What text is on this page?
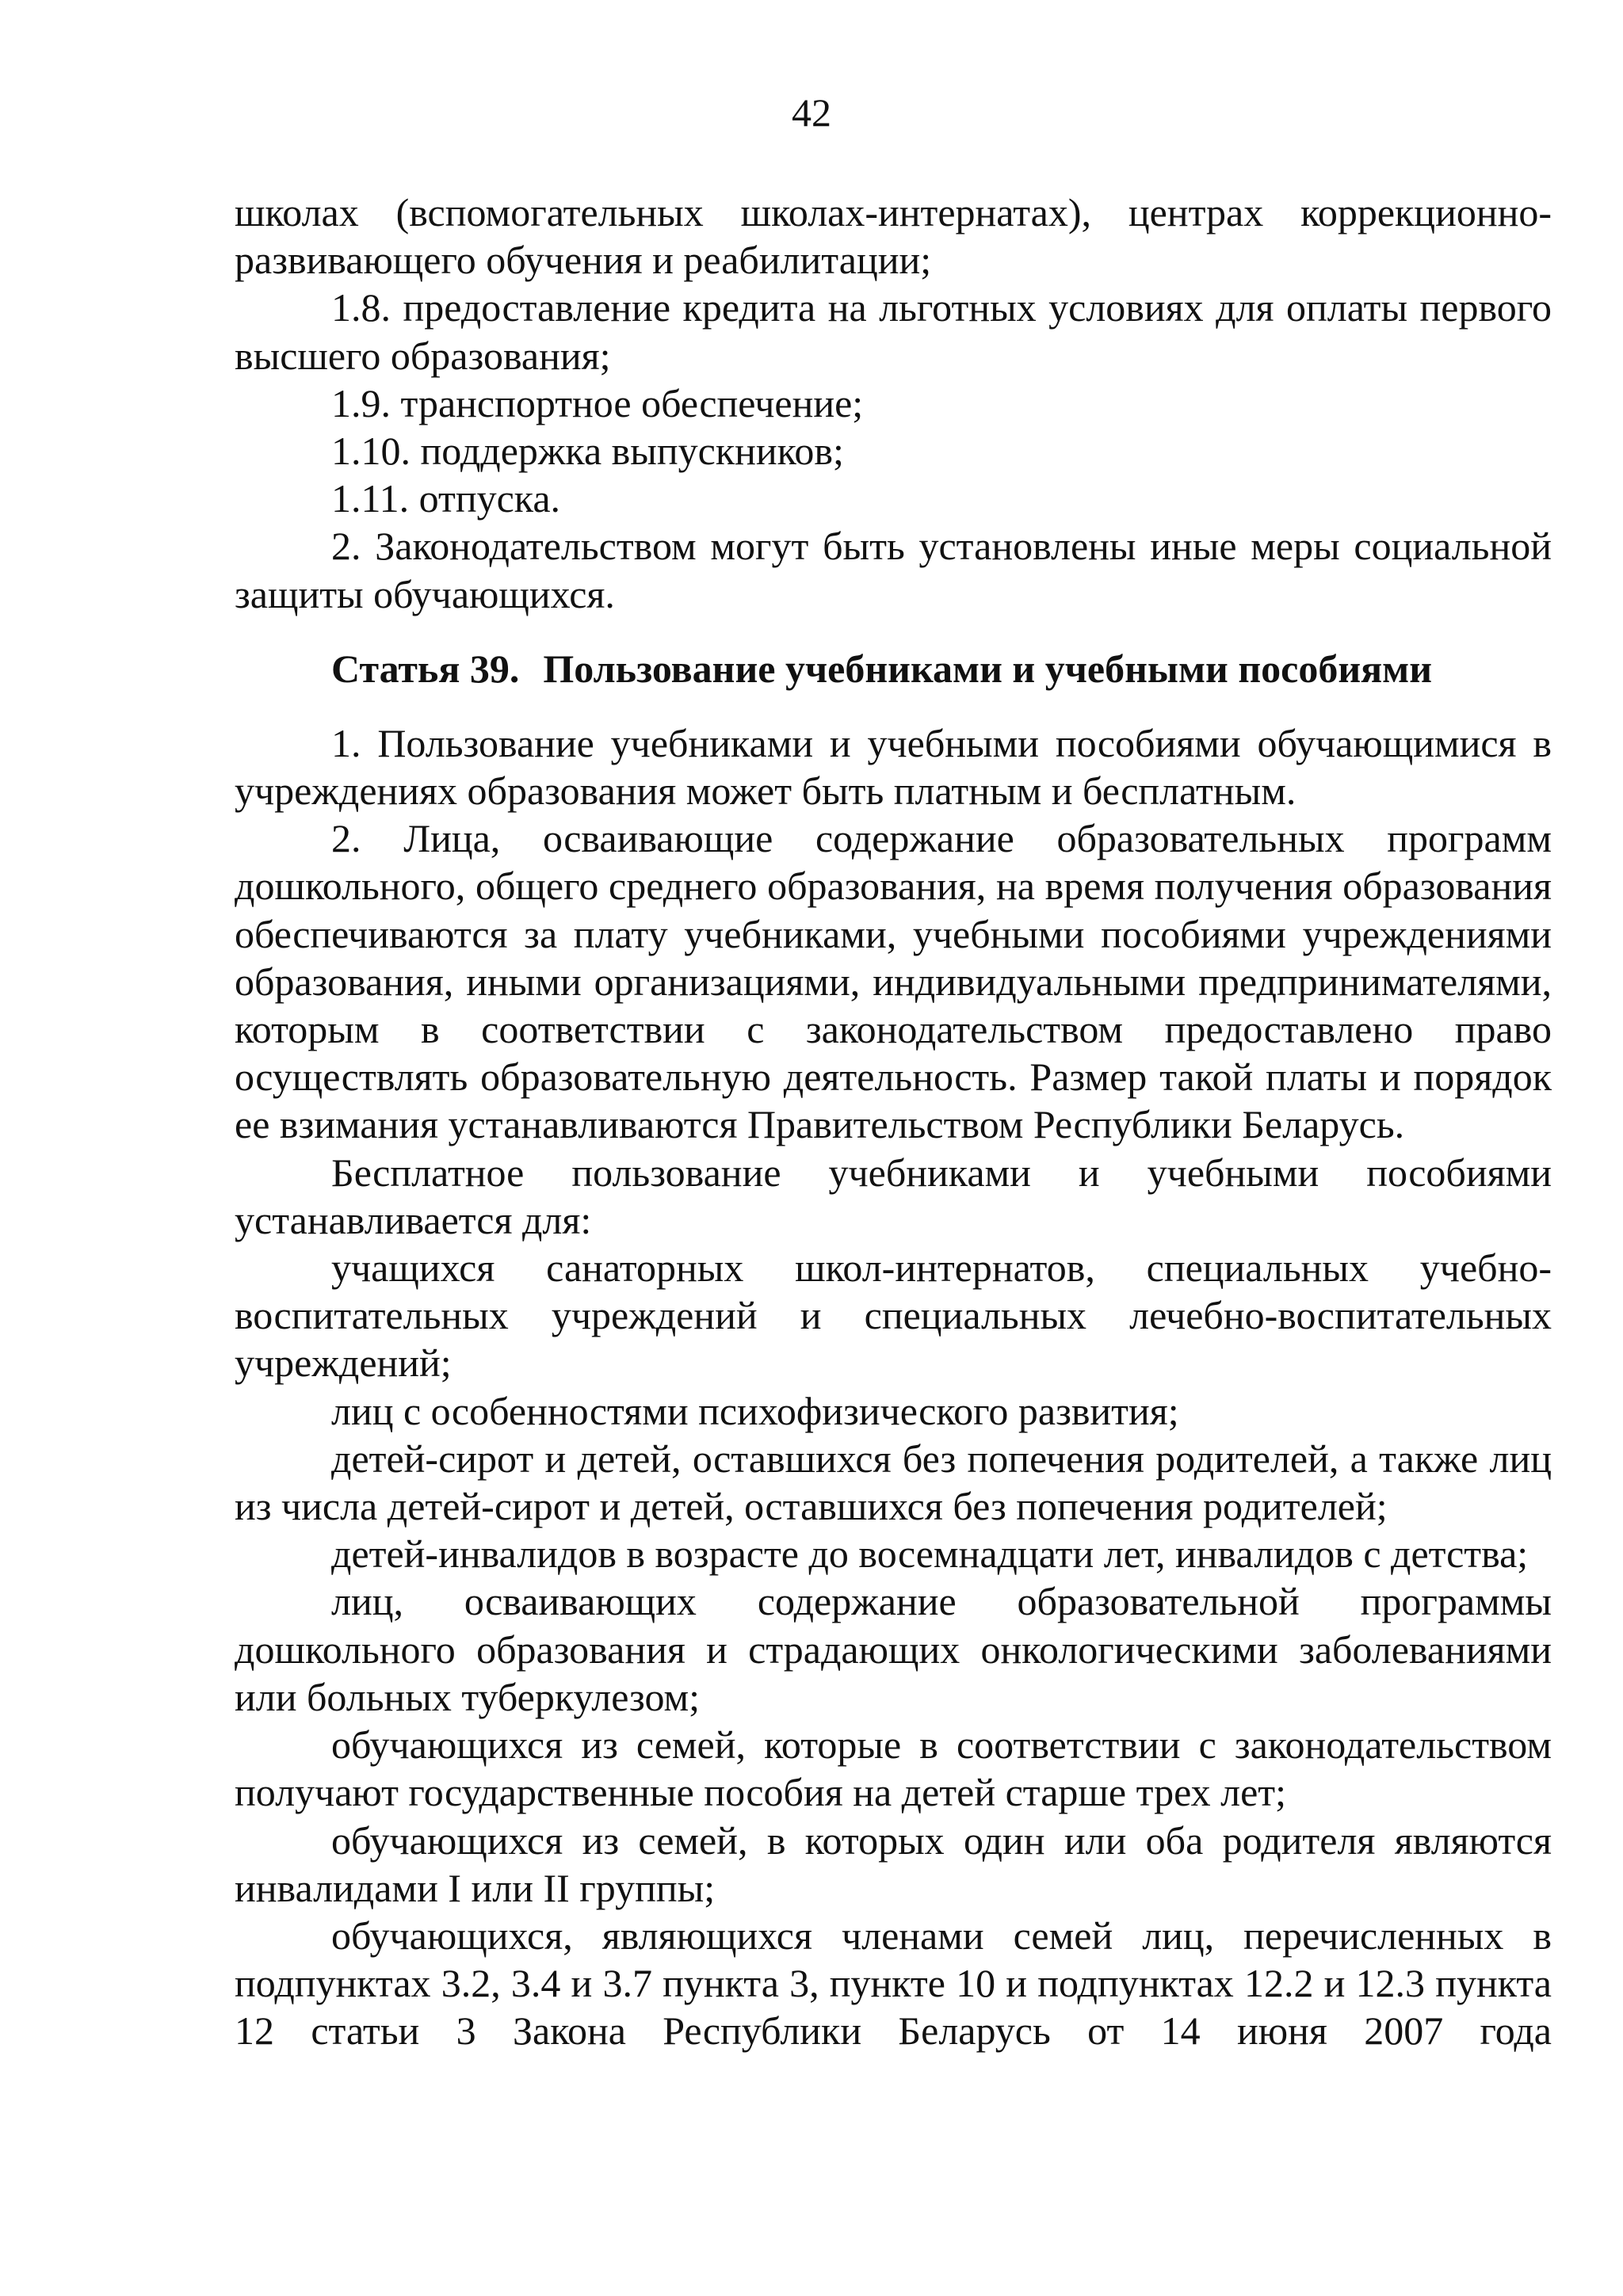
42

школах (вспомогательных школах-интернатах), центрах коррекционно-развивающего обучения и реабилитации;

1.8. предоставление кредита на льготных условиях для оплаты первого высшего образования;

1.9. транспортное обеспечение;

1.10. поддержка выпускников;

1.11. отпуска.

2. Законодательством могут быть установлены иные меры социальной защиты обучающихся.

Статья 39. Пользование учебниками и учебными пособиями

1. Пользование учебниками и учебными пособиями обучающимися в учреждениях образования может быть платным и бесплатным.

2. Лица, осваивающие содержание образовательных программ дошкольного, общего среднего образования, на время получения образования обеспечиваются за плату учебниками, учебными пособиями учреждениями образования, иными организациями, индивидуальными предпринимателями, которым в соответствии с законодательством предоставлено право осуществлять образовательную деятельность. Размер такой платы и порядок ее взимания устанавливаются Правительством Республики Беларусь.

Бесплатное пользование учебниками и учебными пособиями устанавливается для:

учащихся санаторных школ-интернатов, специальных учебно-воспитательных учреждений и специальных лечебно-воспитательных учреждений;

лиц с особенностями психофизического развития;

детей-сирот и детей, оставшихся без попечения родителей, а также лиц из числа детей-сирот и детей, оставшихся без попечения родителей;

детей-инвалидов в возрасте до восемнадцати лет, инвалидов с детства;

лиц, осваивающих содержание образовательной программы дошкольного образования и страдающих онкологическими заболеваниями или больных туберкулезом;

обучающихся из семей, которые в соответствии с законодательством получают государственные пособия на детей старше трех лет;

обучающихся из семей, в которых один или оба родителя являются инвалидами I или II группы;

обучающихся, являющихся членами семей лиц, перечисленных в подпунктах 3.2, 3.4 и 3.7 пункта 3, пункте 10 и подпунктах 12.2 и 12.3 пункта 12 статьи 3 Закона Республики Беларусь от 14 июня 2007 года
